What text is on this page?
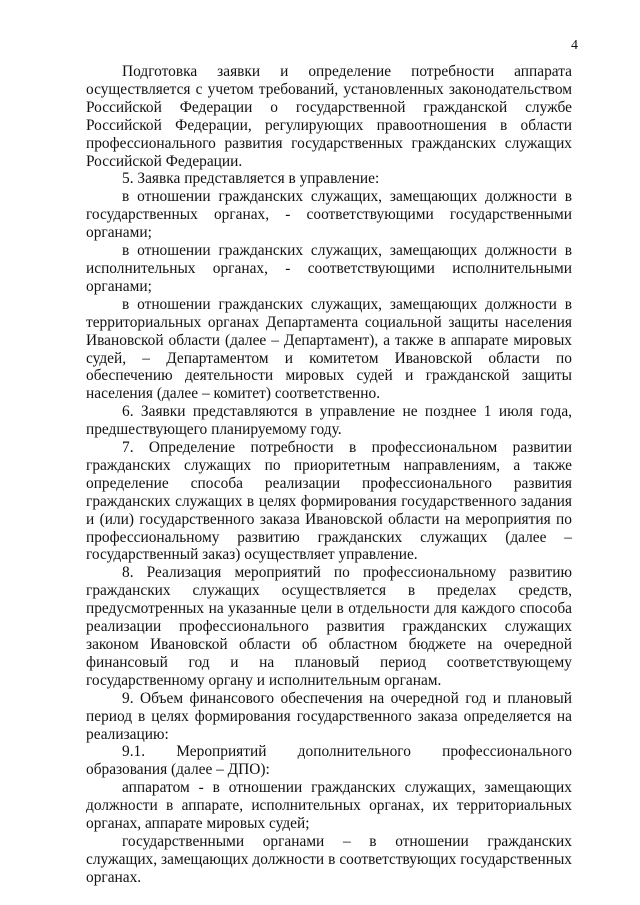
4

Подготовка заявки и определение потребности аппарата осуществляется с учетом требований, установленных законодательством Российской Федерации о государственной гражданской службе Российской Федерации, регулирующих правоотношения в области профессионального развития государственных гражданских служащих Российской Федерации.

5. Заявка представляется в управление:

в отношении гражданских служащих, замещающих должности в государственных органах, - соответствующими государственными органами;

в отношении гражданских служащих, замещающих должности в исполнительных органах, - соответствующими исполнительными органами;

в отношении гражданских служащих, замещающих должности в территориальных органах Департамента социальной защиты населения Ивановской области (далее – Департамент), а также в аппарате мировых судей, – Департаментом и комитетом Ивановской области по обеспечению деятельности мировых судей и гражданской защиты населения (далее – комитет) соответственно.

6. Заявки представляются в управление не позднее 1 июля года, предшествующего планируемому году.

7. Определение потребности в профессиональном развитии гражданских служащих по приоритетным направлениям, а также определение способа реализации профессионального развития гражданских служащих в целях формирования государственного задания и (или) государственного заказа Ивановской области на мероприятия по профессиональному развитию гражданских служащих (далее – государственный заказ) осуществляет управление.

8. Реализация мероприятий по профессиональному развитию гражданских служащих осуществляется в пределах средств, предусмотренных на указанные цели в отдельности для каждого способа реализации профессионального развития гражданских служащих законом Ивановской области об областном бюджете на очередной финансовый год и на плановый период соответствующему государственному органу и исполнительным органам.

9. Объем финансового обеспечения на очередной год и плановый период в целях формирования государственного заказа определяется на реализацию:

9.1. Мероприятий дополнительного профессионального образования (далее – ДПО):

аппаратом - в отношении гражданских служащих, замещающих должности в аппарате, исполнительных органах, их территориальных органах, аппарате мировых судей;

государственными органами – в отношении гражданских служащих, замещающих должности в соответствующих государственных органах.
